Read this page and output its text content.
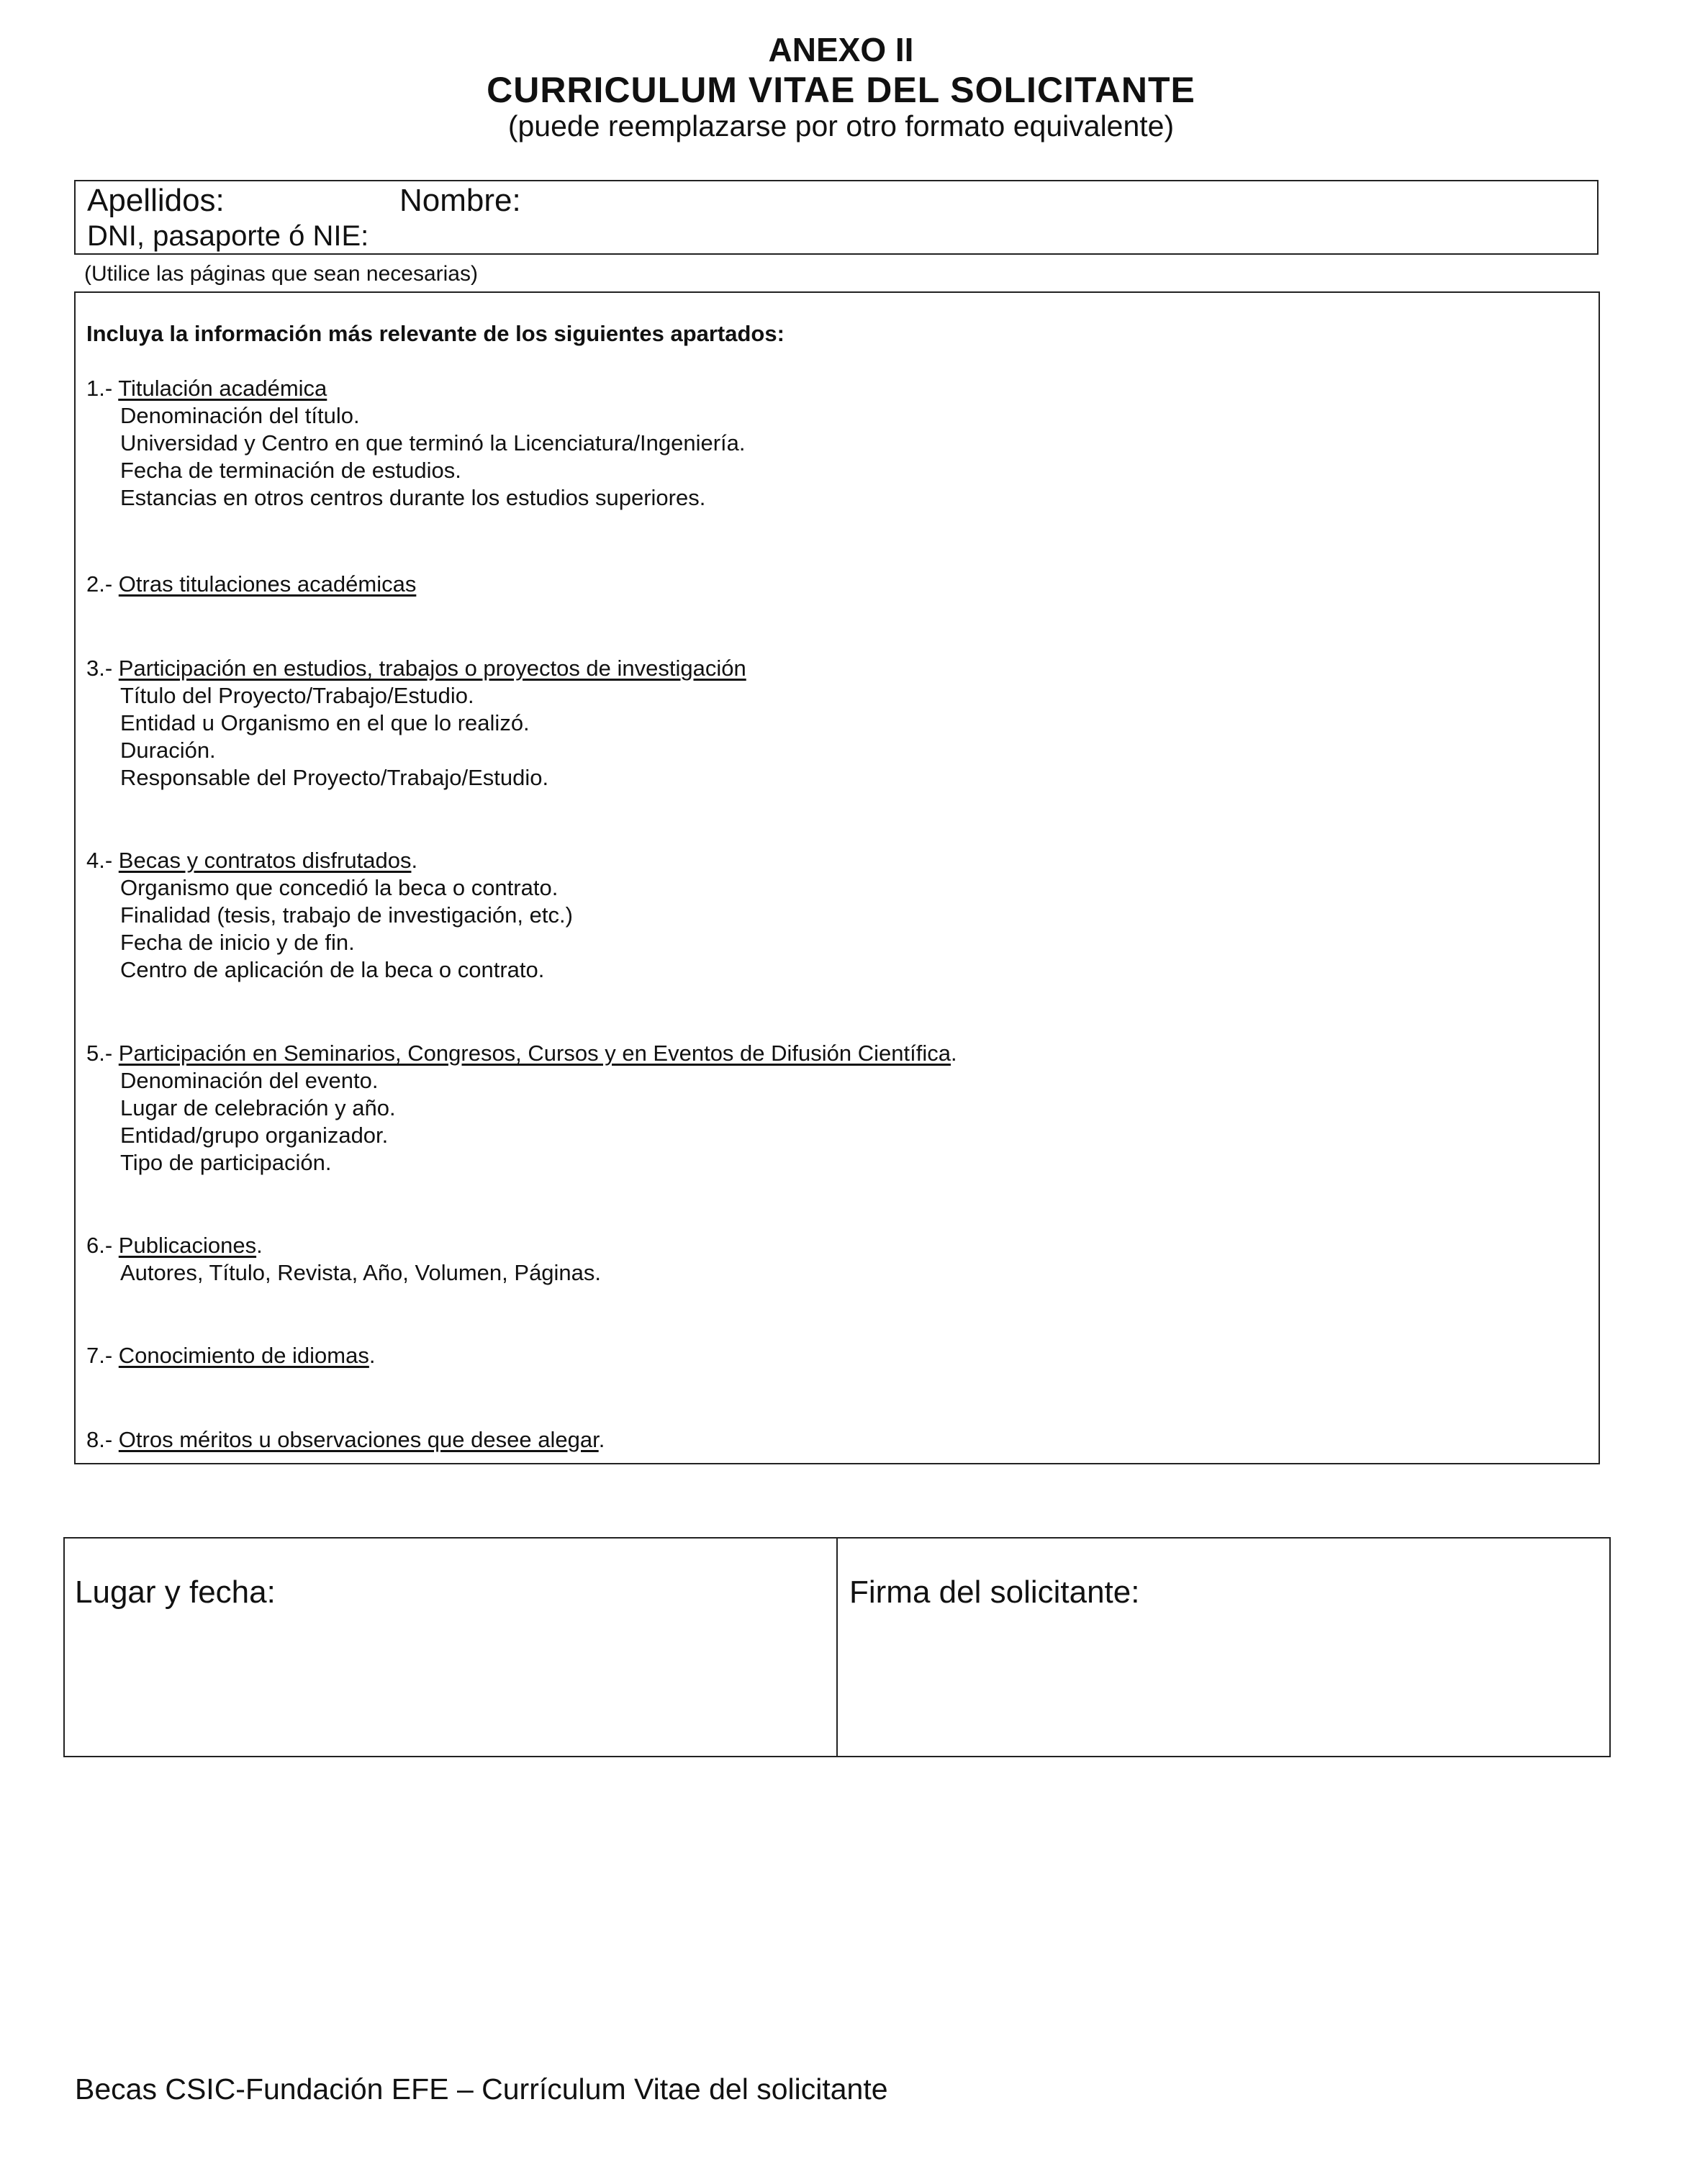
ANEXO II
CURRICULUM VITAE DEL SOLICITANTE
(puede reemplazarse por otro formato equivalente)
Apellidos:	Nombre:
DNI, pasaporte ó NIE:
(Utilice las páginas que sean necesarias)
Incluya la información más relevante de los siguientes apartados:
1.- Titulación académica
Denominación del título.
Universidad y Centro en que terminó la Licenciatura/Ingeniería.
Fecha de terminación de estudios.
Estancias en otros centros durante los estudios superiores.
2.- Otras titulaciones académicas
3.- Participación en estudios, trabajos o proyectos de investigación
Título del Proyecto/Trabajo/Estudio.
Entidad u Organismo en el que lo realizó.
Duración.
Responsable del Proyecto/Trabajo/Estudio.
4.- Becas y contratos disfrutados.
Organismo que concedió la beca o contrato.
Finalidad (tesis, trabajo de investigación, etc.)
Fecha de inicio y de fin.
Centro de aplicación de la beca o contrato.
5.- Participación en Seminarios, Congresos, Cursos y en Eventos de Difusión Científica.
Denominación del evento.
Lugar de celebración y año.
Entidad/grupo organizador.
Tipo de participación.
6.- Publicaciones.
Autores, Título, Revista, Año, Volumen, Páginas.
7.- Conocimiento de idiomas.
8.- Otros méritos u observaciones que desee alegar.
Lugar y fecha:	Firma del solicitante:
Becas CSIC-Fundación EFE – Currículum Vitae del solicitante
